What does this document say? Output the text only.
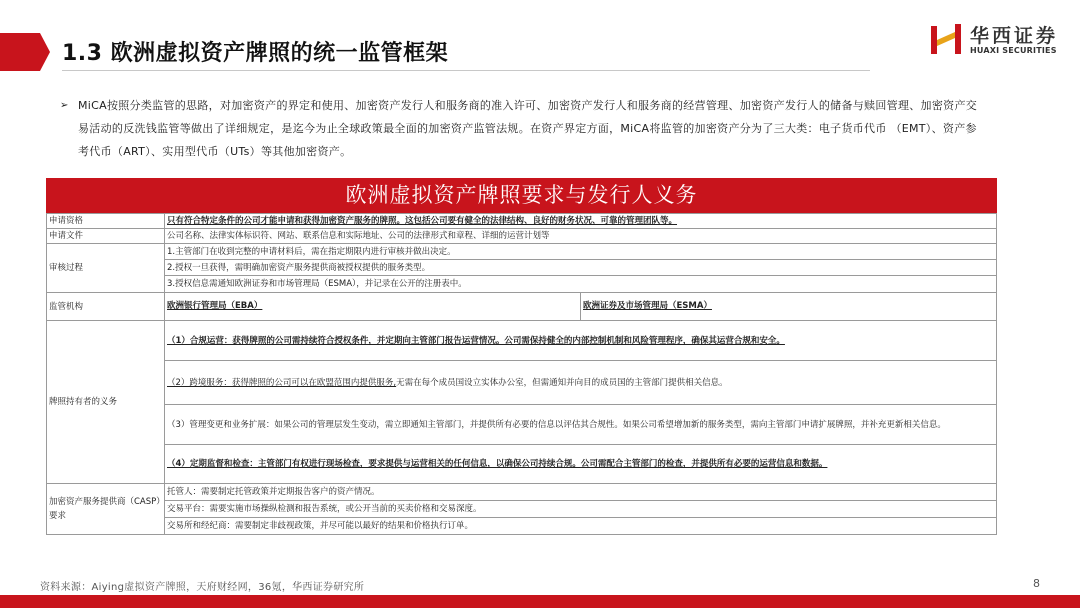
1.3 欧洲虚拟资产牌照的统一监管框架
华西证券
HUAXI SECURITIES
➢ MiCA按照分类监管的思路，对加密资产的界定和使用、加密资产发行人和服务商的准入许可、加密资产发行人和服务商的经营管理、加密资产发行人的储备与赎回管理、加密资产交易活动的反洗钱监管等做出了详细规定，是迄今为止全球政策最全面的加密资产监管法规。在资产界定方面，MiCA将监管的加密资产分为了三大类：电子货币代币 （EMT）、资产参考代币（ART）、实用型代币（UTs）等其他加密资产。
欧洲虚拟资产牌照要求与发行人义务
申请资格	只有符合特定条件的公司才能申请和获得加密资产服务的牌照。这包括公司要有健全的法律结构、良好的财务状况、可靠的管理团队等。
申请文件	公司名称、法律实体标识符、网站、联系信息和实际地址、公司的法律形式和章程、详细的运营计划等
审核过程	1.主管部门在收到完整的申请材料后，需在指定期限内进行审核并做出决定。
2.授权一旦获得，需明确加密资产服务提供商被授权提供的服务类型。
3.授权信息需通知欧洲证券和市场管理局（ESMA），并记录在公开的注册表中。

监管机构	欧洲银行管理局（EBA） 欧洲证券及市场管理局（ESMA）

牌照持有者的义务	（1）合规运营：获得牌照的公司需持续符合授权条件，并定期向主管部门报告运营情况。公司需保持健全的内部控制机制和风险管理程序，确保其运营合规和安全。
（2）跨境服务：获得牌照的公司可以在欧盟范围内提供服务, 无需在每个成员国设立实体办公室，但需通知并向目的成员国的主管部门提供相关信息。
（3）管理变更和业务扩展：如果公司的管理层发生变动，需立即通知主管部门，并提供所有必要的信息以评估其合规性。如果公司希望增加新的服务类型，需向主管部门申请扩展牌照，并补充更新相关信息。
（4）定期监督和检查：主管部门有权进行现场检查，要求提供与运营相关的任何信息，以确保公司持续合规。公司需配合主管部门的检查，并提供所有必要的运营信息和数据。

加密资产服务提供商（CASP）要求	托管人：需要制定托管政策并定期报告客户的资产情况。
交易平台：需要实施市场操纵检测和报告系统，或公开当前的买卖价格和交易深度。
交易所和经纪商：需要制定非歧视政策，并尽可能以最好的结果和价格执行订单。
资料来源：Aiying虚拟资产牌照，天府财经网，36氪，华西证券研究所	8
